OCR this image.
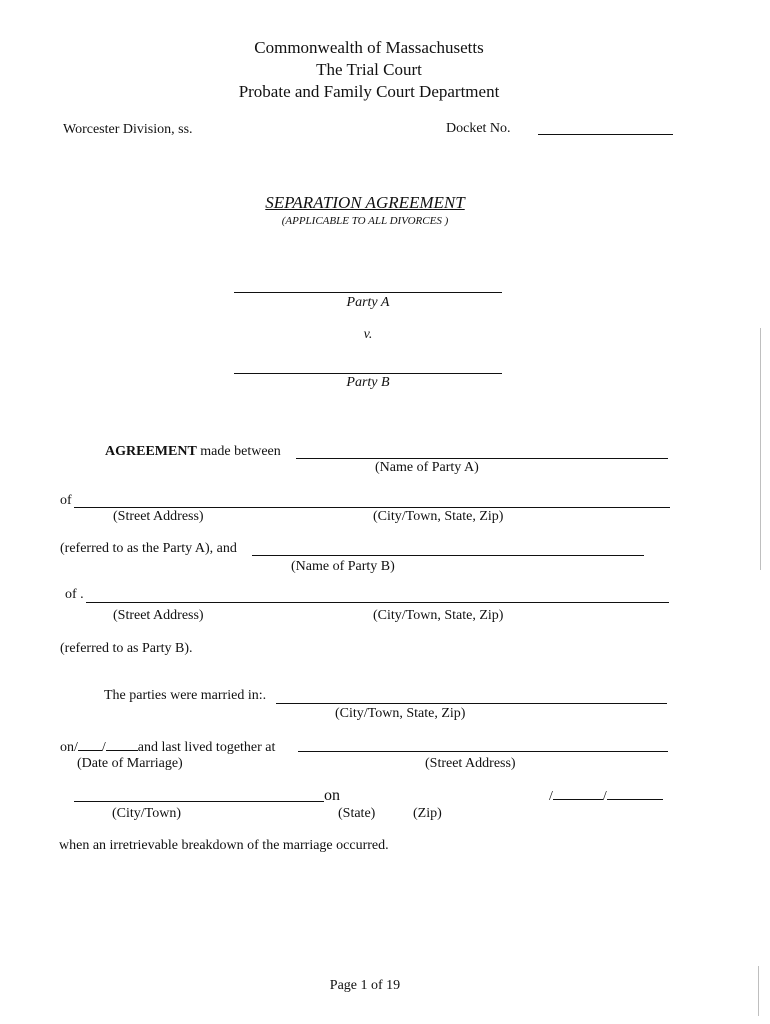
Commonwealth of Massachusetts
The Trial Court
Probate and Family Court Department
Worcester Division, ss.	Docket No.
SEPARATION AGREEMENT
(APPLICABLE TO ALL DIVORCES )
Party A
v.
Party B
AGREEMENT made between
(Name of Party A)
of
(Street Address)	(City/Town, State, Zip)
(referred to as the Party A), and
(Name of Party B)
of .
(Street Address)	(City/Town, State, Zip)
(referred to as Party B).
The parties were married in:.
(City/Town, State, Zip)
on/ / and last lived together at
(Date of Marriage)	(Street Address)
on	/	/
(City/Town)	(State)	(Zip)
when an irretrievable breakdown of the marriage occurred.
Page 1 of 19
